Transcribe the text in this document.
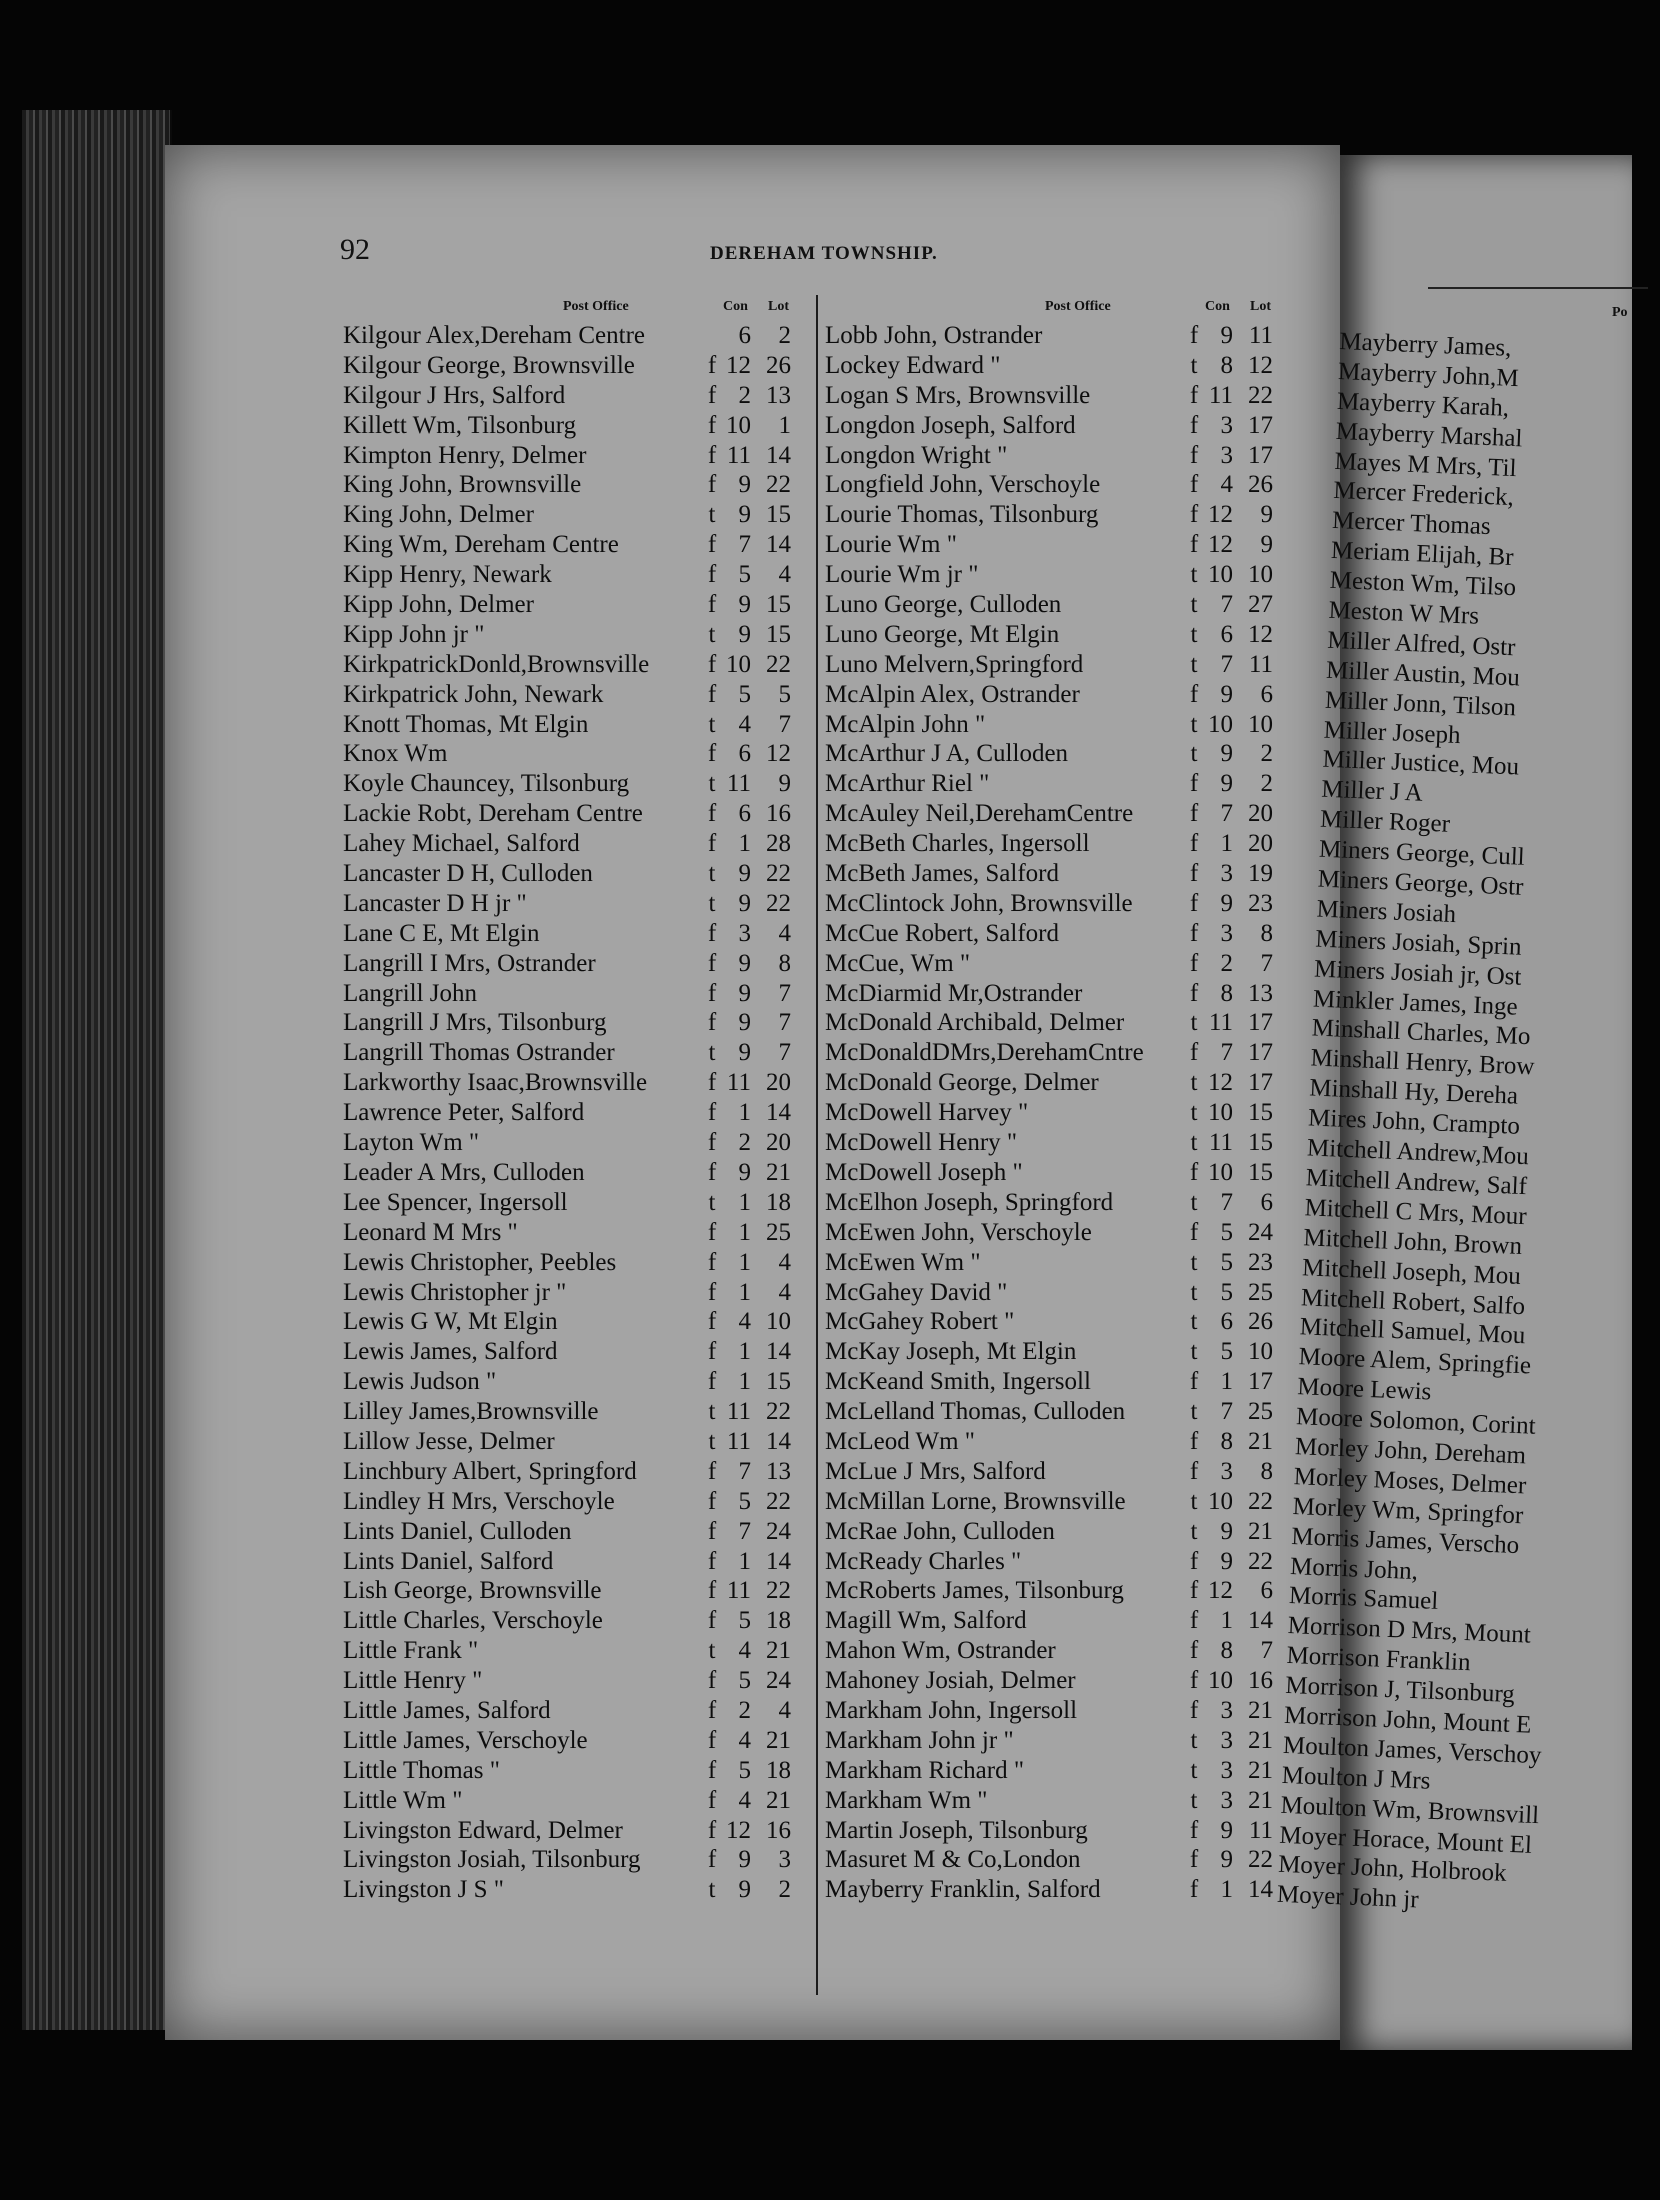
92	DEREHAM TOWNSHIP.
Post Office	Con Lot
Kilgour Alex,Dereham Centre	6	2
Kilgour George, Brownsville	f 12 26
Kilgour J Hrs, Salford	f 2 13
Killett Wm, Tilsonburg	f 10	1
Kimpton Henry, Delmer	f 11 14
King John, Brownsville	f 9 22
King John, Delmer	t 9 15
King Wm, Dereham Centre	f 7 14
Kipp Henry, Newark	f 5	4
Kipp John, Delmer	f 9 15
Kipp John jr "	t 9 15
KirkpatrickDonld,Brownsville f 10 22
Kirkpatrick John, Newark	f 5	5
Knott Thomas, Mt Elgin	t 4	7
Knox Wm	f 6 12
Koyle Chauncey, Tilsonburg	t 11	9
Lackie Robt, Dereham Centre	f 6 16
Lahey Michael, Salford	f 1 28
Lancaster D H, Culloden	t 9 22
Lancaster D H jr "	t 9 22
Lane C E, Mt Elgin	f 3	4
Langrill I Mrs, Ostrander	f 9	8
Langrill John	f 9	7
Langrill J Mrs, Tilsonburg	f 9	7
Langrill Thomas Ostrander	t 9	7
Larkworthy Isaac,Brownsville f 11 20
Lawrence Peter, Salford	f 1 14
Layton Wm "	f 2 20
Leader A Mrs, Culloden	f 9 21
Lee Spencer, Ingersoll	t 1 18
Leonard M Mrs "	f 1 25
Lewis Christopher, Peebles	f 1	4
Lewis Christopher jr "	f 1	4
Lewis G W, Mt Elgin	f 4 10
Lewis James, Salford	f 1 14
Lewis Judson "	f 1 15
Lilley James,Brownsville	t 11 22
Lillow Jesse, Delmer	t 11 14
Linchbury Albert, Springford	f 7 13
Lindley H Mrs, Verschoyle	f 5 22
Lints Daniel, Culloden	f 7 24
Lints Daniel, Salford	f 1 14
Lish George, Brownsville	f 11 22
Little Charles, Verschoyle	f 5 18
Little Frank "	t 4 21
Little Henry "	f 5 24
Little James, Salford	f 2	4
Little James, Verschoyle	f 4 21
Little Thomas "	f 5 18
Little Wm "	f 4 21
Livingston Edward, Delmer	f 12 16
Livingston Josiah, Tilsonburg	f 9	3
Livingston J S "	t 9	2
Post Office	Con Lot
Lobb John, Ostrander	f 9 11
Lockey Edward "	t 8 12
Logan S Mrs, Brownsville	f 11 22
Longdon Joseph, Salford	f 3 17
Longdon Wright "	f 3 17
Longfield John, Verschoyle	f 4 26
Lourie Thomas, Tilsonburg	f 12	9
Lourie Wm "	f 12	9
Lourie Wm jr "	t 10 10
Luno George, Culloden	t 7 27
Luno George, Mt Elgin	t 6 12
Luno Melvern,Springford	t 7 11
McAlpin Alex, Ostrander	f 9	6
McAlpin John "	t 10 10
McArthur J A, Culloden	t 9	2
McArthur Riel "	f 9	2
McAuley Neil,DerehamCentre f 7 20
McBeth Charles, Ingersoll	f 1 20
McBeth James, Salford	f 3 19
McClintock John, Brownsville f 9 23
McCue Robert, Salford	f 3	8
McCue, Wm "	f 2	7
McDiarmid Mr,Ostrander	f 8 13
McDonald Archibald, Delmer	t 11 17
McDonaldDMrs,DerehamCntre f 7 17
McDonald George, Delmer	t 12 17
McDowell Harvey "	t 10 15
McDowell Henry "	t 11 15
McDowell Joseph "	f 10 15
McElhon Joseph, Springford	t 7	6
McEwen John, Verschoyle	f 5 24
McEwen Wm "	t 5 23
McGahey David "	t 5 25
McGahey Robert "	t 6 26
McKay Joseph, Mt Elgin	t 5 10
McKeand Smith, Ingersoll	f 1 17
McLelland Thomas, Culloden	t 7 25
McLeod Wm "	f 8 21
McLue J Mrs, Salford	f 3	8
McMillan Lorne, Brownsville	t 10 22
McRae John, Culloden	t 9 21
McReady Charles "	f 9 22
McRoberts James, Tilsonburg	f 12	6
Magill Wm, Salford	f 1 14
Mahon Wm, Ostrander	f 8	7
Mahoney Josiah, Delmer	f 10 16
Markham John, Ingersoll	f 3 21
Markham John jr "	t 3 21
Markham Richard "	t 3 21
Markham Wm "	t 3 21
Martin Joseph, Tilsonburg	f 9 11
Masuret M & Co,London	f 9 22
Mayberry Franklin, Salford	f 1 14
Po
Mayberry James,
Mayberry John,M
Mayberry Karah,
Mayberry Marshal
Mayes M Mrs, Til
Mercer Frederick,
Mercer Thomas
Meriam Elijah, Br
Meston Wm, Tilso
Meston W Mrs
Miller Alfred, Ostr
Miller Austin, Mou
Miller Jonn, Tilson
Miller Joseph
Miller Justice, Mou
Miller J A
Miller Roger
Miners George, Cull
Miners George, Ostr
Miners Josiah
Miners Josiah, Sprin
Miners Josiah jr, Ost
Minkler James, Inge
Minshall Charles, Mo
Minshall Henry, Brow
Minshall Hy, Dereha
Mires John, Crampto
Mitchell Andrew,Mou
Mitchell Andrew, Salf
Mitchell C Mrs, Mour
Mitchell John, Brown
Mitchell Joseph, Mou
Mitchell Robert, Salfo
Mitchell Samuel, Mou
Moore Alem, Springfie
Moore Lewis
Moore Solomon, Corint
Morley John, Dereham
Morley Moses, Delmer
Morley Wm, Springfor
Morris James, Verscho
Morris John,
Morris Samuel
Morrison D Mrs, Mount
Morrison Franklin
Morrison J, Tilsonburg
Morrison John, Mount E
Moulton James, Verschoy
Moulton J Mrs
Moulton Wm, Brownsvill
Moyer Horace, Mount El
Moyer John, Holbrook
Moyer John jr
